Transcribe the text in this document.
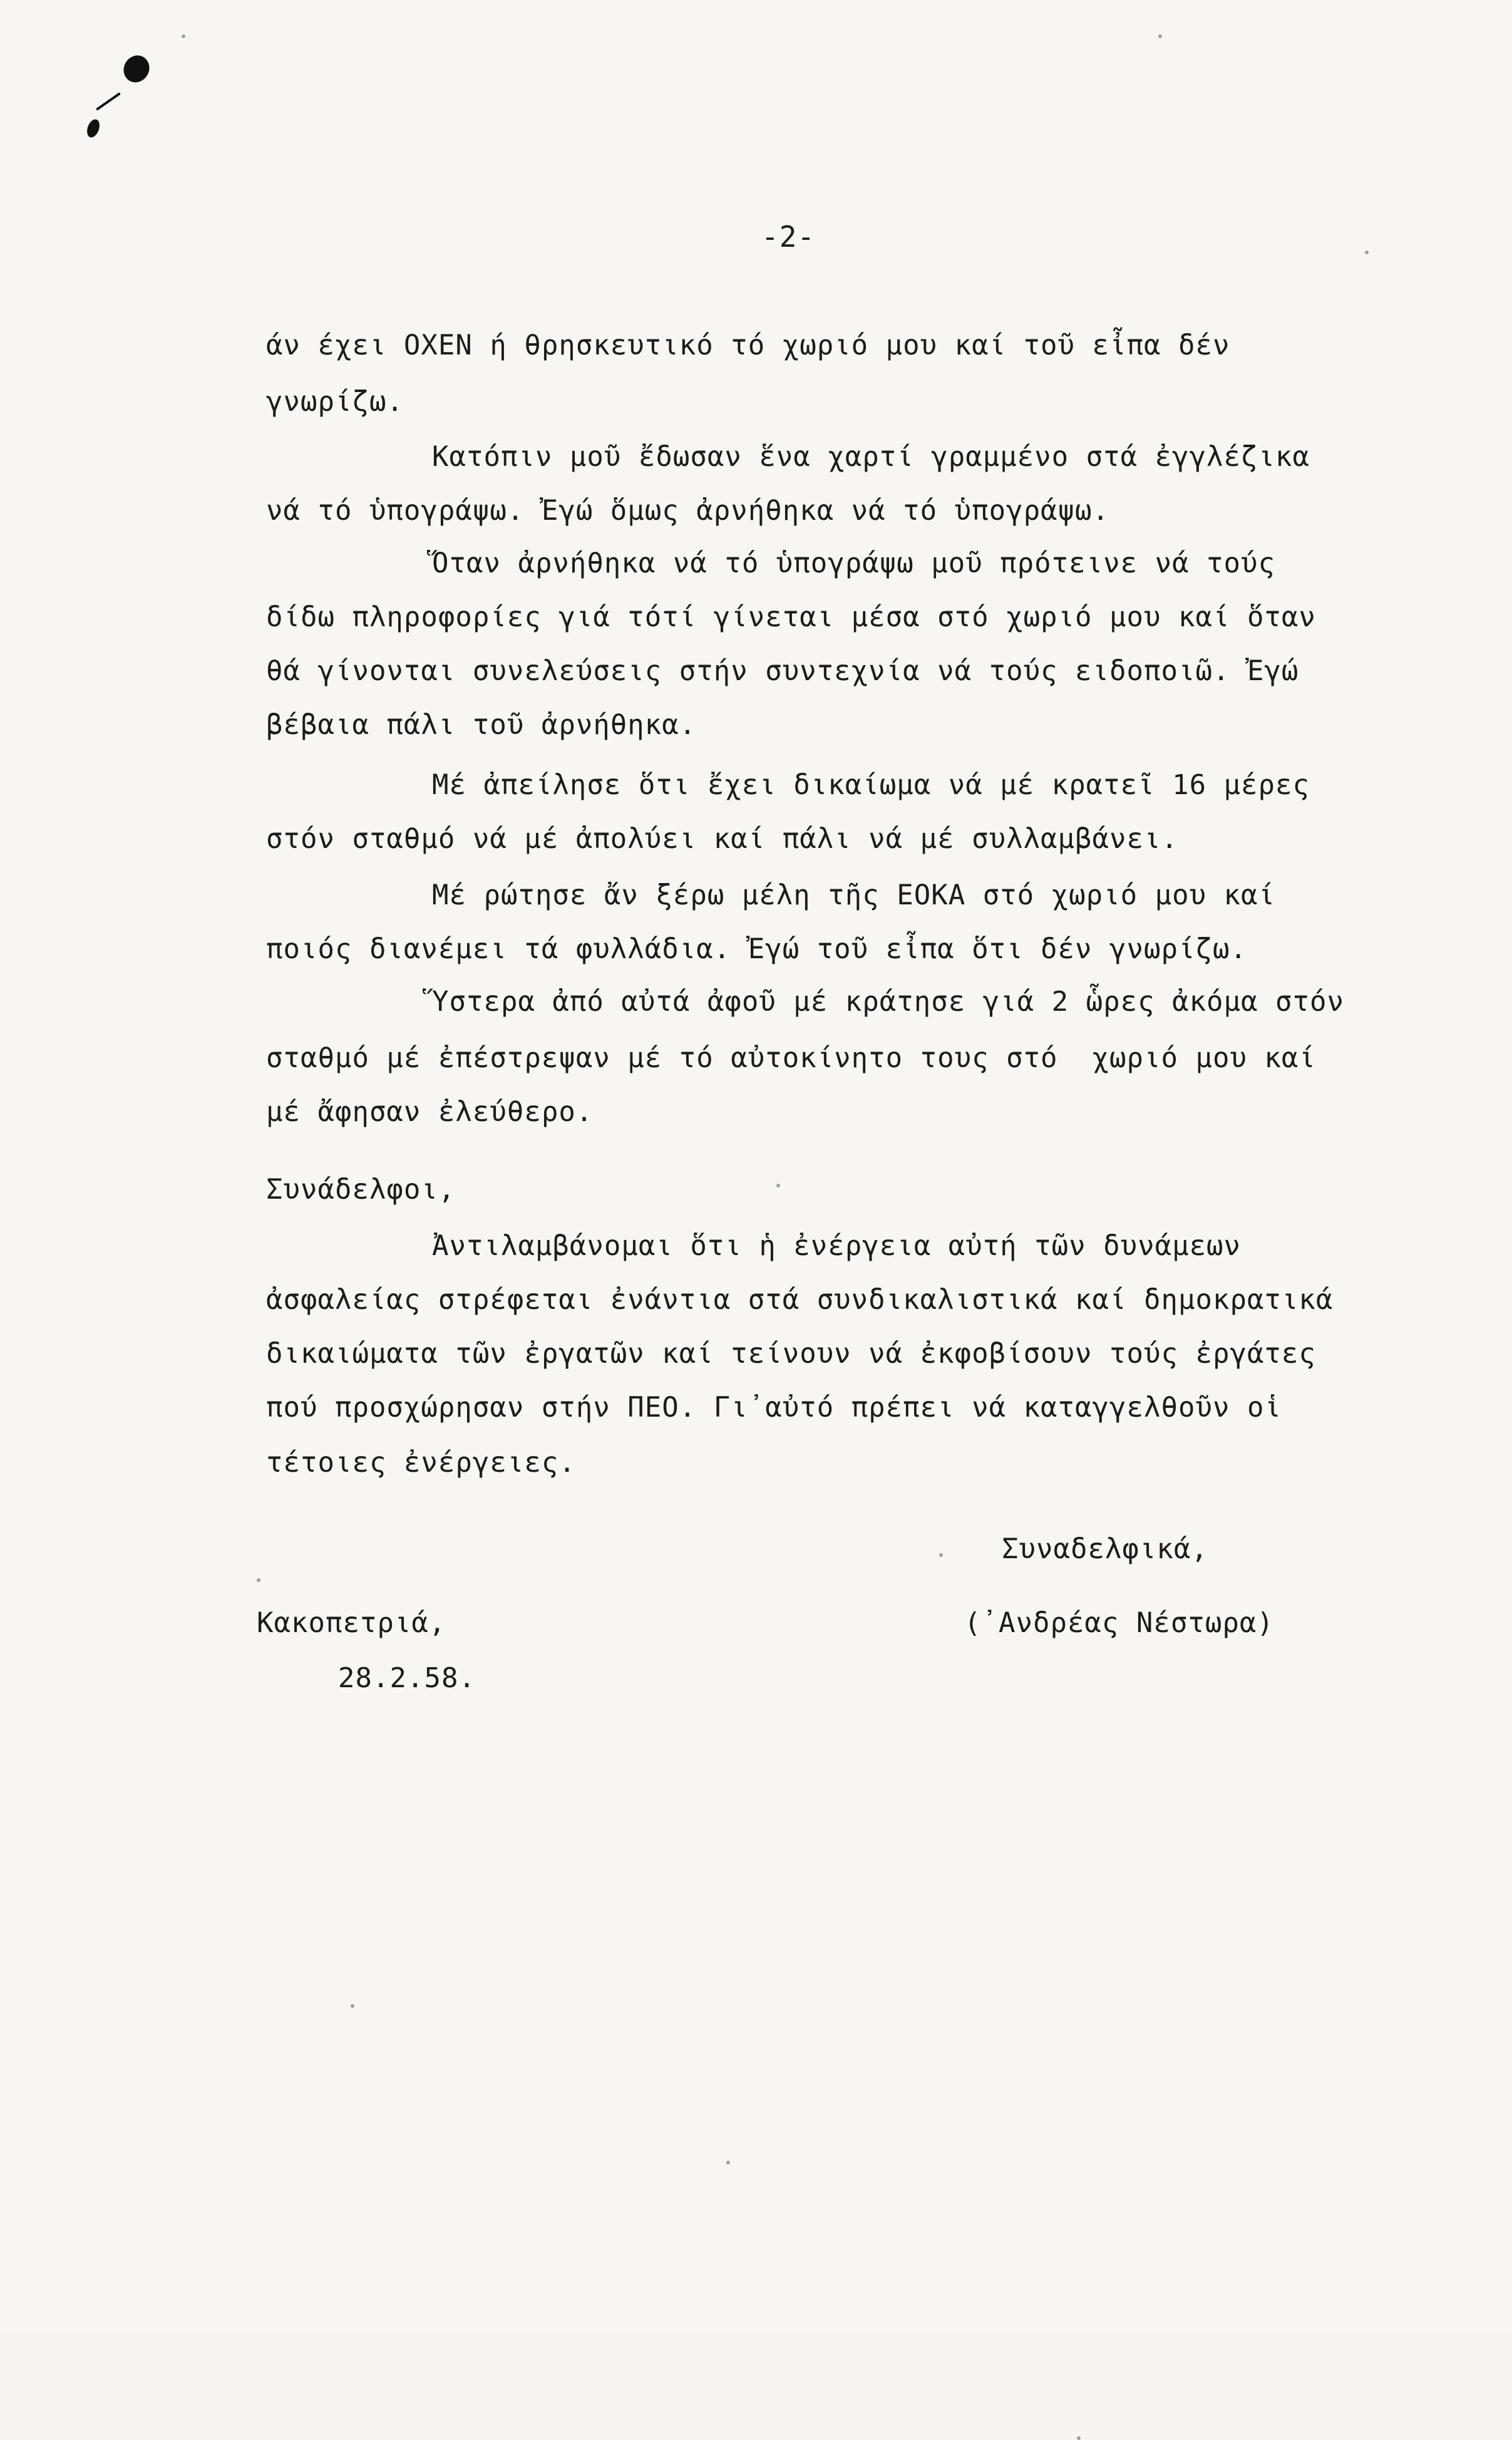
-2-
άν έχει ΟΧΕΝ ή θρησκευτικό τό χωριό μου καί τοῦ εἶπα δέν
γνωρίζω.
Κατόπιν μοῦ ἔδωσαν ἕνα χαρτί γραμμένο στά ἐγγλέζικα
νά τό ὑπογράψω. Ἐγώ ὅμως ἀρνήθηκα νά τό ὑπογράψω.
Ὅταν ἀρνήθηκα νά τό ὑπογράψω μοῦ πρότεινε νά τούς
δίδω πληροφορίες γιά τότί γίνεται μέσα στό χωριό μου καί ὅταν
θά γίνονται συνελεύσεις στήν συντεχνία νά τούς ειδοποιῶ. Ἐγώ
βέβαια πάλι τοῦ ἀρνήθηκα.
Μέ ἀπείλησε ὅτι ἔχει δικαίωμα νά μέ κρατεῖ 16 μέρες
στόν σταθμό νά μέ ἀπολύει καί πάλι νά μέ συλλαμβάνει.
Μέ ρώτησε ἄν ξέρω μέλη τῆς ΕΟΚΑ στό χωριό μου καί
ποιός διανέμει τά φυλλάδια. Ἐγώ τοῦ εἶπα ὅτι δέν γνωρίζω.
Ὕστερα ἀπό αὐτά ἀφοῦ μέ κράτησε γιά 2 ὧρες ἀκόμα στόν
σταθμό μέ ἐπέστρεψαν μέ τό αὐτοκίνητο τους στό  χωριό μου καί
μέ ἄφησαν ἐλεύθερο.
Συνάδελφοι,
Ἀντιλαμβάνομαι ὅτι ἡ ἐνέργεια αὐτή τῶν δυνάμεων
ἀσφαλείας στρέφεται ἐνάντια στά συνδικαλιστικά καί δημοκρατικά
δικαιώματα τῶν ἐργατῶν καί τείνουν νά ἐκφοβίσουν τούς ἐργάτες
πού προσχώρησαν στήν ΠΕΟ. Γι᾽αὐτό πρέπει νά καταγγελθοῦν οἱ
τέτοιες ἐνέργειες.
Συναδελφικά,
Κακοπετριά,	(᾽Ανδρέας Νέστωρα)
28.2.58.
